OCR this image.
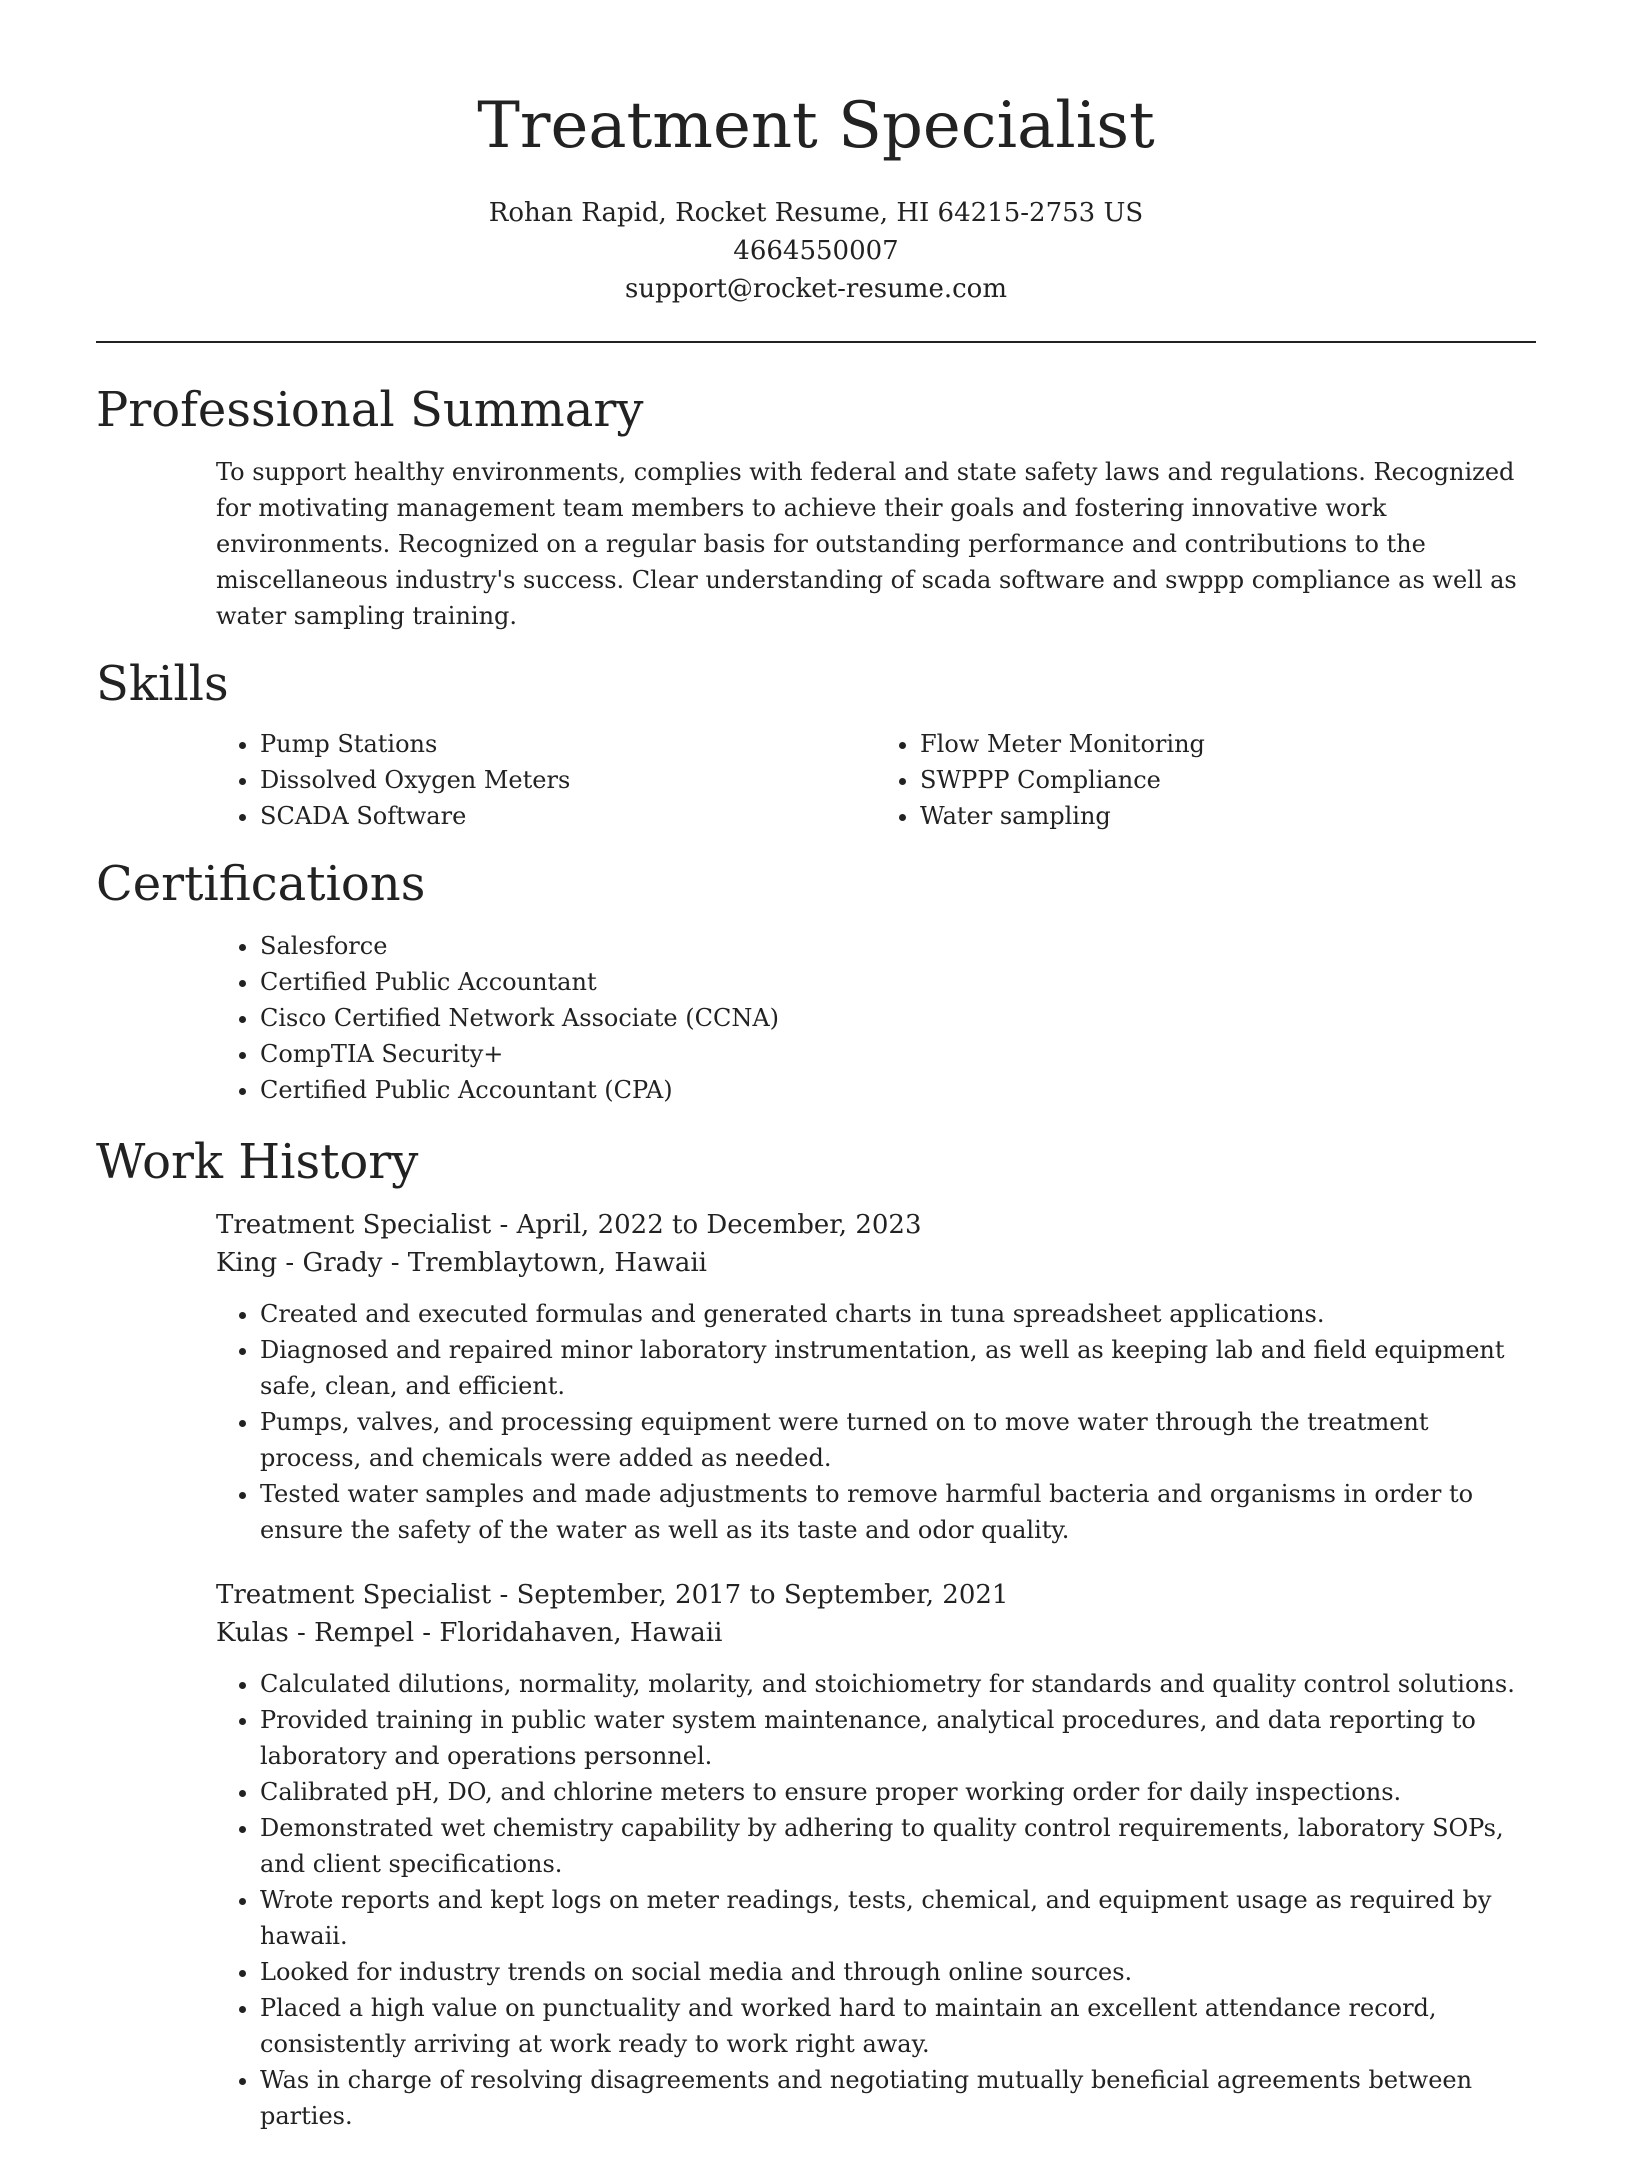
Treatment Specialist
Rohan Rapid, Rocket Resume, HI 64215-2753 US
4664550007
support@rocket-resume.com
Professional Summary

To support healthy environments, complies with federal and state safety laws and regulations. Recognized for motivating management team members to achieve their goals and fostering innovative work environments. Recognized on a regular basis for outstanding performance and contributions to the miscellaneous industry's success. Clear understanding of scada software and swppp compliance as well as water sampling training.

Skills
• Pump Stations
• Dissolved Oxygen Meters
• SCADA Software
• Flow Meter Monitoring
• SWPPP Compliance
• Water sampling
Certifications
• Salesforce
• Certified Public Accountant
• Cisco Certified Network Associate (CCNA)
• CompTIA Security+
• Certified Public Accountant (CPA)
Work History
Treatment Specialist - April, 2022 to December, 2023
King - Grady - Tremblaytown, Hawaii
• Created and executed formulas and generated charts in tuna spreadsheet applications.
• Diagnosed and repaired minor laboratory instrumentation, as well as keeping lab and field equipment safe, clean, and efficient.
• Pumps, valves, and processing equipment were turned on to move water through the treatment process, and chemicals were added as needed.
• Tested water samples and made adjustments to remove harmful bacteria and organisms in order to ensure the safety of the water as well as its taste and odor quality.
Treatment Specialist - September, 2017 to September, 2021
Kulas - Rempel - Floridahaven, Hawaii
• Calculated dilutions, normality, molarity, and stoichiometry for standards and quality control solutions.
• Provided training in public water system maintenance, analytical procedures, and data reporting to laboratory and operations personnel.
• Calibrated pH, DO, and chlorine meters to ensure proper working order for daily inspections.
• Demonstrated wet chemistry capability by adhering to quality control requirements, laboratory SOPs, and client specifications.
• Wrote reports and kept logs on meter readings, tests, chemical, and equipment usage as required by hawaii.
• Looked for industry trends on social media and through online sources.
• Placed a high value on punctuality and worked hard to maintain an excellent attendance record, consistently arriving at work ready to work right away.
• Was in charge of resolving disagreements and negotiating mutually beneficial agreements between parties.
